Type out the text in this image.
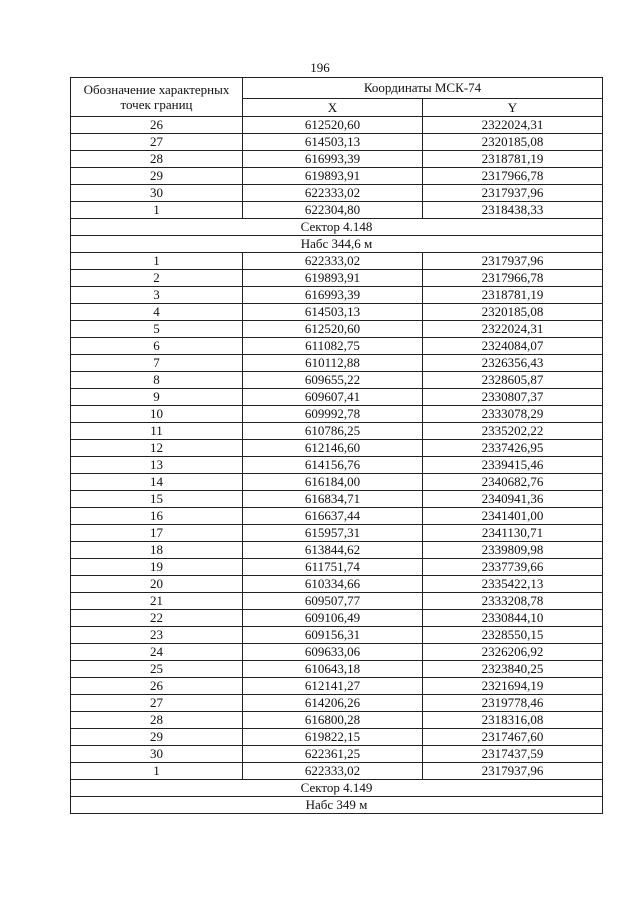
196
Обозначение характерных точек границ	Координаты МСК-74	
	X	Y
26	612520,60	2322024,31
27	614503,13	2320185,08
28	616993,39	2318781,19
29	619893,91	2317966,78
30	622333,02	2317937,96
1	622304,80	2318438,33
Сектор 4.148		
Набс 344,6 м		
1	622333,02	2317937,96
2	619893,91	2317966,78
3	616993,39	2318781,19
4	614503,13	2320185,08
5	612520,60	2322024,31
6	611082,75	2324084,07
7	610112,88	2326356,43
8	609655,22	2328605,87
9	609607,41	2330807,37
10	609992,78	2333078,29
11	610786,25	2335202,22
12	612146,60	2337426,95
13	614156,76	2339415,46
14	616184,00	2340682,76
15	616834,71	2340941,36
16	616637,44	2341401,00
17	615957,31	2341130,71
18	613844,62	2339809,98
19	611751,74	2337739,66
20	610334,66	2335422,13
21	609507,77	2333208,78
22	609106,49	2330844,10
23	609156,31	2328550,15
24	609633,06	2326206,92
25	610643,18	2323840,25
26	612141,27	2321694,19
27	614206,26	2319778,46
28	616800,28	2318316,08
29	619822,15	2317467,60
30	622361,25	2317437,59
1	622333,02	2317937,96
Сектор 4.149		
Набс 349 м		
